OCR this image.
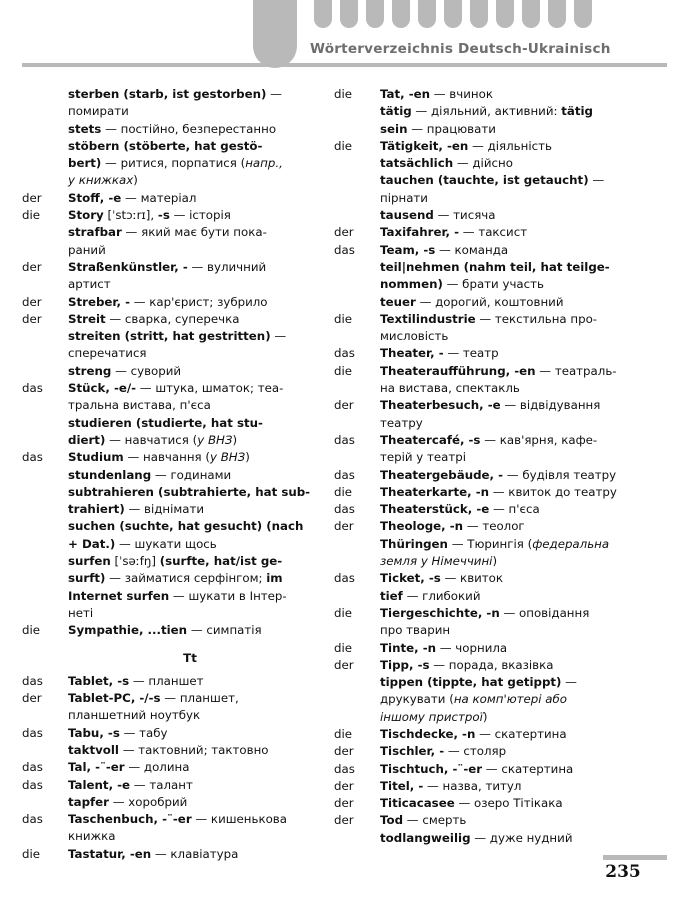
Wörterverzeichnis Deutsch-Ukrainisch
sterben (starb, ist gestorben) —
помирати
stets — постійно, безперестанно
stöbern (stöberte, hat gestö-
bert) — ритися, порпатися (напр.,
у книжках)
der	Stoff, -e — матеріал
die	Story [ˈstɔːrɪ], -s — історія
strafbar — який має бути пока-
раний
der	Straßenkünstler, - — вуличний артист
der	Streber, - — кар'єрист; зубрило
der	Streit — сварка, суперечка
streiten (stritt, hat gestritten) —
сперечатися
streng — суворий
das	Stück, -e/- — штука, шматок; теа-
тральна вистава, п'єса
studieren (studierte, hat stu-
diert) — навчатися (у ВНЗ)
das	Studium — навчання (у ВНЗ)
stundenlang — годинами
subtrahieren (subtrahierte, hat sub-
trahiert) — віднімати
suchen (suchte, hat gesucht) (nach
+ Dat.) — шукати щось
surfen [ˈsəːfŋ] (surfte, hat/ist ge-
surft) — займатися серфінгом; im
Internet surfen — шукати в Інтер-
неті
die	Sympathie, ...tien — симпатія
Tt
das	Tablet, -s — планшет
der	Tablet-PC, -/-s — планшет,
планшетний ноутбук
das	Tabu, -s — табу
taktvoll — тактовний; тактовно
das	Tal, -¨-er — долина
das	Talent, -e — талант
tapfer — хоробрий
das	Taschenbuch, -¨-er — кишенькова
книжка
die	Tastatur, -en — клавіатура
die	Tat, -en — вчинок
tätig — діяльний, активний: tätig
sein — працювати
die	Tätigkeit, -en — діяльність
tatsächlich — дійсно
tauchen (tauchte, ist getaucht) —
пірнати
tausend — тисяча
der	Taxifahrer, - — таксист
das	Team, -s — команда
teil|nehmen (nahm teil, hat teilge-
nommen) — брати участь
teuer — дорогий, коштовний
die	Textilindustrie — текстильна про-
мисловість
das	Theater, - — театр
die	Theateraufführung, -en — театраль-
на вистава, спектакль
der	Theaterbesuch, -e — відвідування
театру
das	Theatercafé, -s — кав'ярня, кафе-
терій у театрі
das	Theatergebäude, - — будівля театру
die	Theaterkarte, -n — квиток до театру
das	Theaterstück, -e — п'єса
der	Theologe, -n — теолог
Thüringen — Тюрингія (федеральна
земля у Німеччині)
das	Ticket, -s — квиток
tief — глибокий
die	Tiergeschichte, -n — оповідання
про тварин
die	Tinte, -n — чорнила
der	Tipp, -s — порада, вказівка
tippen (tippte, hat getippt) —
друкувати (на комп'ютері або
іншому пристрої)
die	Tischdecke, -n — скатертина
der	Tischler, - — столяр
das	Tischtuch, -¨-er — скатертина
der	Titel, - — назва, титул
der	Titicacasee — озеро Тітікака
der	Tod — смерть
todlangweilig — дуже нудний
235
